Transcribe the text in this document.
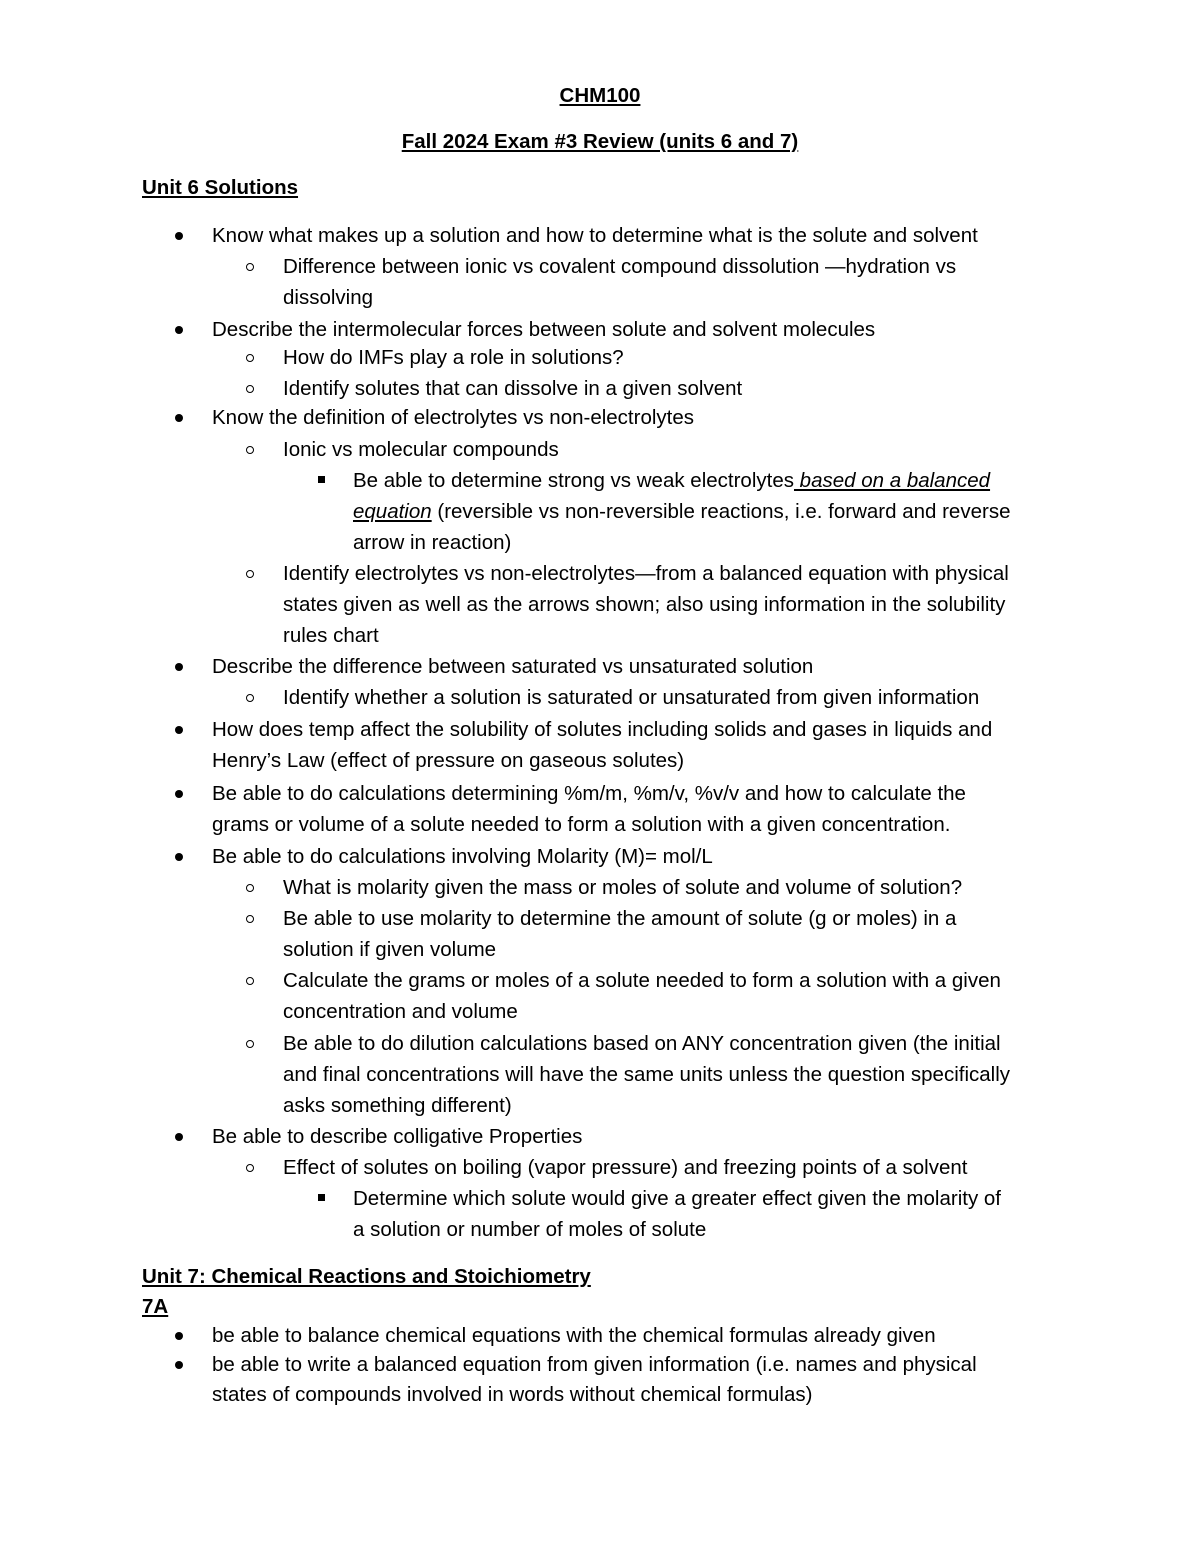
CHM100
Fall 2024 Exam #3 Review (units 6 and 7)
Unit 6 Solutions
Know what makes up a solution and how to determine what is the solute and solvent
Difference between ionic vs covalent compound dissolution —hydration vs
dissolving
Describe the intermolecular forces between solute and solvent molecules
How do IMFs play a role in solutions?
Identify solutes that can dissolve in a given solvent
Know the definition of electrolytes vs non-electrolytes
Ionic vs molecular compounds
Be able to determine strong vs weak electrolytes based on a balanced
equation (reversible vs non-reversible reactions, i.e. forward and reverse
arrow in reaction)
Identify electrolytes vs non-electrolytes—from a balanced equation with physical
states given as well as the arrows shown; also using information in the solubility
rules chart
Describe the difference between saturated vs unsaturated solution
Identify whether a solution is saturated or unsaturated from given information
How does temp affect the solubility of solutes including solids and gases in liquids and
Henry’s Law (effect of pressure on gaseous solutes)
Be able to do calculations determining %m/m, %m/v, %v/v and how to calculate the
grams or volume of a solute needed to form a solution with a given concentration.
Be able to do calculations involving Molarity (M)= mol/L
What is molarity given the mass or moles of solute and volume of solution?
Be able to use molarity to determine the amount of solute (g or moles) in a
solution if given volume
Calculate the grams or moles of a solute needed to form a solution with a given
concentration and volume
Be able to do dilution calculations based on ANY concentration given (the initial
and final concentrations will have the same units unless the question specifically
asks something different)
Be able to describe colligative Properties
Effect of solutes on boiling (vapor pressure) and freezing points of a solvent
Determine which solute would give a greater effect given the molarity of
a solution or number of moles of solute
Unit 7: Chemical Reactions and Stoichiometry
7A
be able to balance chemical equations with the chemical formulas already given
be able to write a balanced equation from given information (i.e. names and physical
states of compounds involved in words without chemical formulas)
